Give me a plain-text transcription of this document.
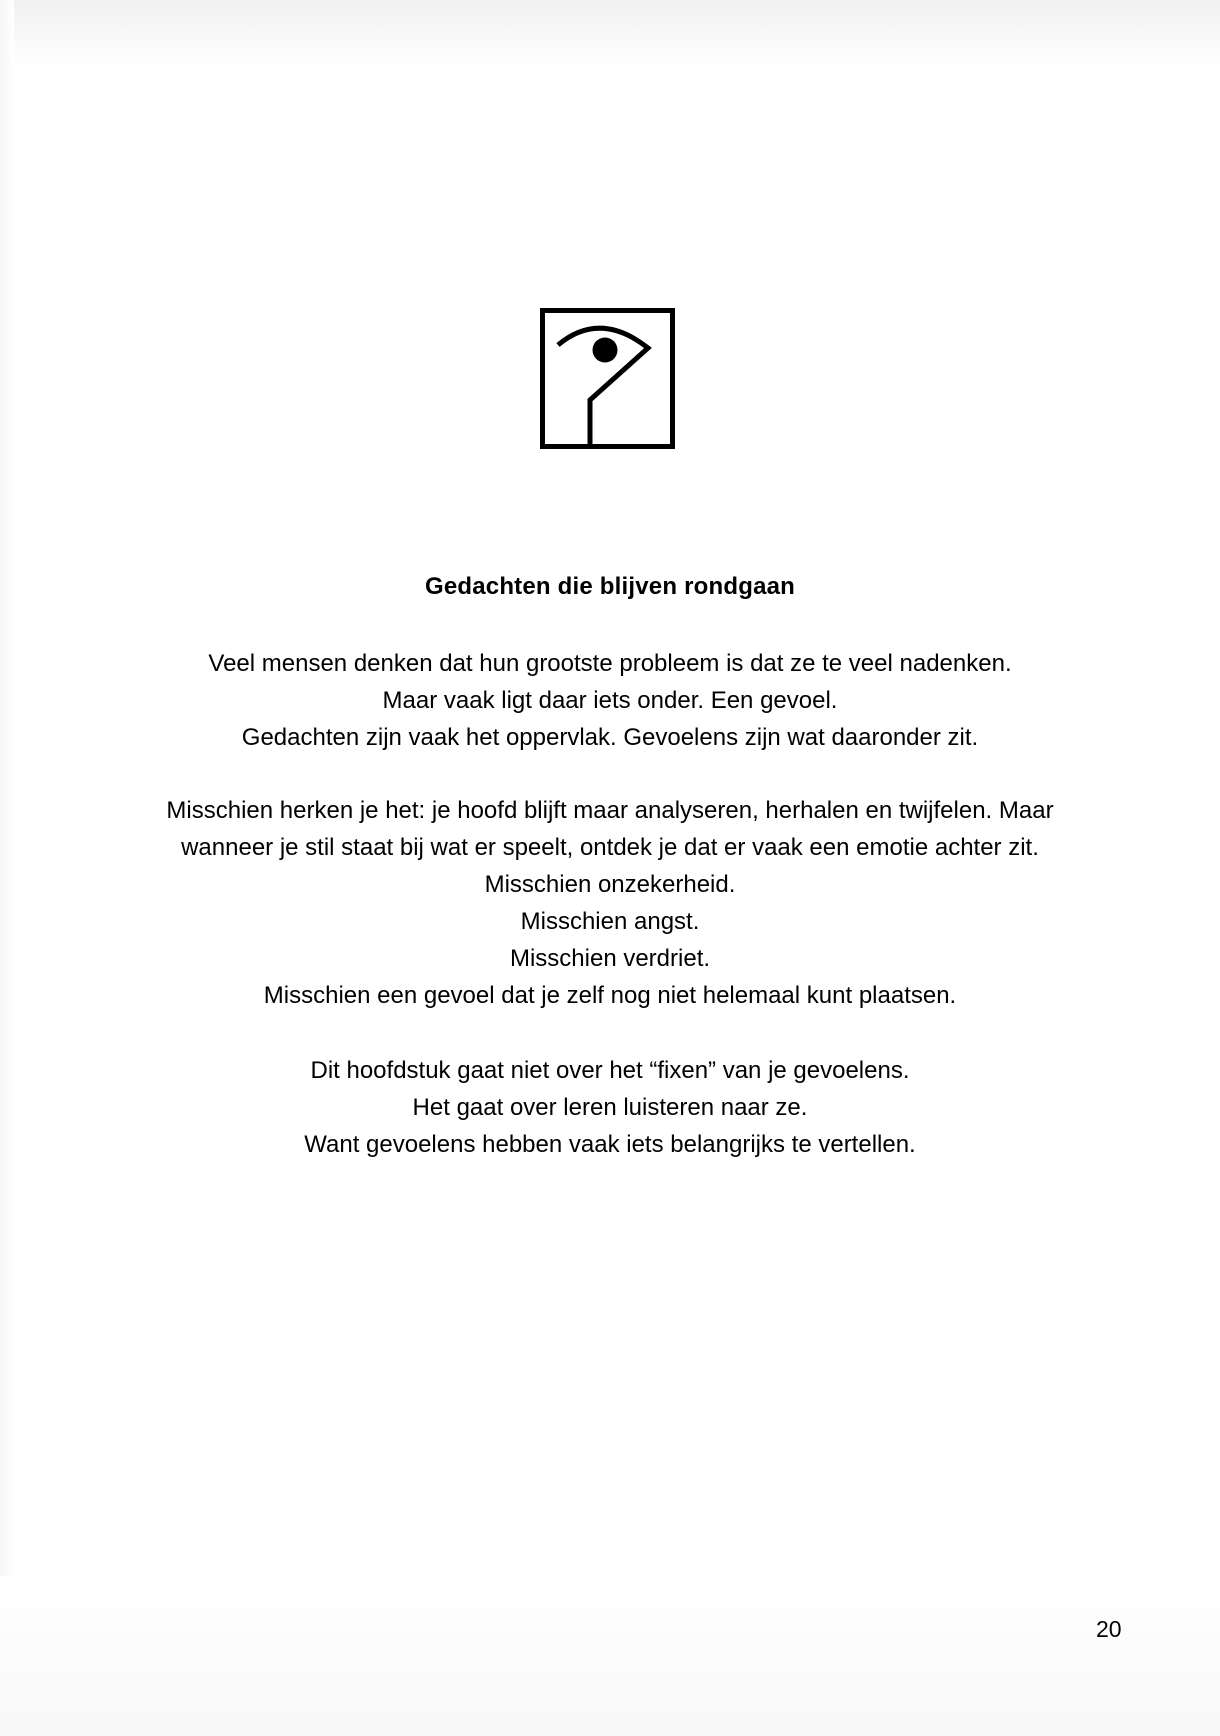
Gedachten die blijven rondgaan
Veel mensen denken dat hun grootste probleem is dat ze te veel nadenken.
Maar vaak ligt daar iets onder. Een gevoel.
Gedachten zijn vaak het oppervlak. Gevoelens zijn wat daaronder zit.
Misschien herken je het: je hoofd blijft maar analyseren, herhalen en twijfelen. Maar
wanneer je stil staat bij wat er speelt, ontdek je dat er vaak een emotie achter zit.
Misschien onzekerheid.
Misschien angst.
Misschien verdriet.
Misschien een gevoel dat je zelf nog niet helemaal kunt plaatsen.
Dit hoofdstuk gaat niet over het “fixen” van je gevoelens.
Het gaat over leren luisteren naar ze.
Want gevoelens hebben vaak iets belangrijks te vertellen.
20
